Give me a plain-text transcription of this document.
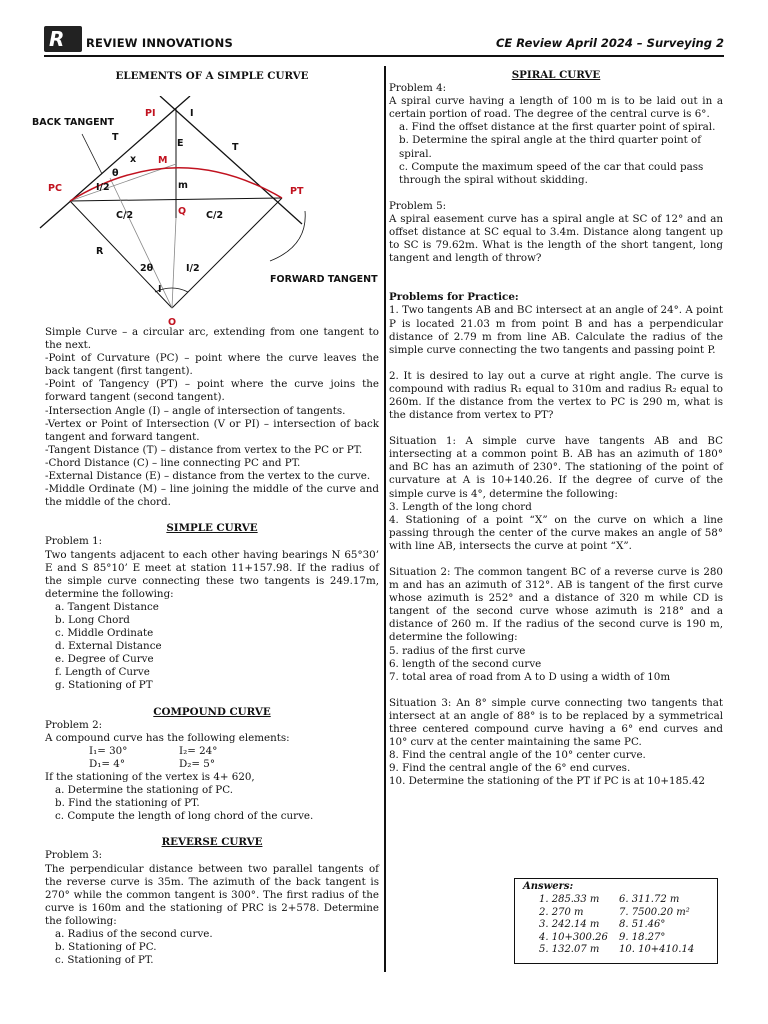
R REVIEW INNOVATIONS	CE Review April 2024 – Surveying 2
ELEMENTS OF A SIMPLE CURVE
BACK TANGENT
FORWARD TANGENT
PI	I
T
T
E
x
θ
M
m
PC	PT
I/2
C/2	Q C/2
R
2θ	I/2
I
O

Simple Curve – a circular arc, extending from one tangent to the next.

-Point of Curvature (PC) – point where the curve leaves the back tangent (first tangent).

-Point of Tangency (PT) – point where the curve joins the forward tangent (second tangent).

-Intersection Angle (I) – angle of intersection of tangents.

-Vertex or Point of Intersection (V or PI) – intersection of back tangent and forward tangent.

-Tangent Distance (T) – distance from vertex to the PC or PT.

-Chord Distance (C) – line connecting PC and PT.

-External Distance (E) – distance from the vertex to the curve.

-Middle Ordinate (M) – line joining the middle of the curve and the middle of the chord.

SIMPLE CURVE

Problem 1:

Two tangents adjacent to each other having bearings N 65°30’ E and S 85°10’ E meet at station 11+157.98. If the radius of the simple curve connecting these two tangents is 249.17m, determine the following:

a. Tangent Distance

b. Long Chord

c. Middle Ordinate

d. External Distance

e. Degree of Curve

f. Length of Curve

g. Stationing of PT

COMPOUND CURVE

Problem 2:

A compound curve has the following elements:

I₁= 30°	I₂= 24°

D₁= 4°	D₂= 5°

If the stationing of the vertex is 4+ 620,

a. Determine the stationing of PC.

b. Find the stationing of PT.

c. Compute the length of long chord of the curve.

REVERSE CURVE

Problem 3:

The perpendicular distance between two parallel tangents of the reverse curve is 35m. The azimuth of the back tangent is 270° while the common tangent is 300°. The first radius of the curve is 160m and the stationing of PRC is 2+578. Determine the following:

a. Radius of the second curve.

b. Stationing of PC.

c. Stationing of PT.

SPIRAL CURVE

Problem 4:

A spiral curve having a length of 100 m is to be laid out in a certain portion of road. The degree of the central curve is 6°.

a. Find the offset distance at the first quarter point of spiral.

b. Determine the spiral angle at the third quarter point of spiral.

c. Compute the maximum speed of the car that could pass through the spiral without skidding.

Problem 5:

A spiral easement curve has a spiral angle at SC of 12° and an offset distance at SC equal to 3.4m. Distance along tangent up to SC is 79.62m. What is the length of the short tangent, long tangent and length of throw?

Problems for Practice:

1. Two tangents AB and BC intersect at an angle of 24°. A point P is located 21.03 m from point B and has a perpendicular distance of 2.79 m from line AB. Calculate the radius of the simple curve connecting the two tangents and passing point P.

2. It is desired to lay out a curve at right angle. The curve is compound with radius R₁ equal to 310m and radius R₂ equal to 260m. If the distance from the vertex to PC is 290 m, what is the distance from vertex to PT?

Situation 1: A simple curve have tangents AB and BC intersecting at a common point B. AB has an azimuth of 180° and BC has an azimuth of 230°. The stationing of the point of curvature at A is 10+140.26. If the degree of curve of the simple curve is 4°, determine the following:

3. Length of the long chord

4. Stationing of a point “X” on the curve on which a line passing through the center of the curve makes an angle of 58° with line AB, intersects the curve at point “X”.

Situation 2: The common tangent BC of a reverse curve is 280 m and has an azimuth of 312°. AB is tangent of the first curve whose azimuth is 252° and a distance of 320 m while CD is tangent of the second curve whose azimuth is 218° and a distance of 260 m. If the radius of the second curve is 190 m, determine the following:

5. radius of the first curve

6. length of the second curve

7. total area of road from A to D using a width of 10m

Situation 3: An 8° simple curve connecting two tangents that intersect at an angle of 88° is to be replaced by a symmetrical three centered compound curve having a 6° end curves and 10° curv at the center maintaining the same PC.

8. Find the central angle of the 10° center curve.

9. Find the central angle of the 6° end curves.

10. Determine the stationing of the PT if PC is at 10+185.42

Answers:
1. 285.33 m
2. 270 m
3. 242.14 m
4. 10+300.26
5. 132.07 m
6. 311.72 m
7. 7500.20 m²
8. 51.46°
9. 18.27°
10. 10+410.14
